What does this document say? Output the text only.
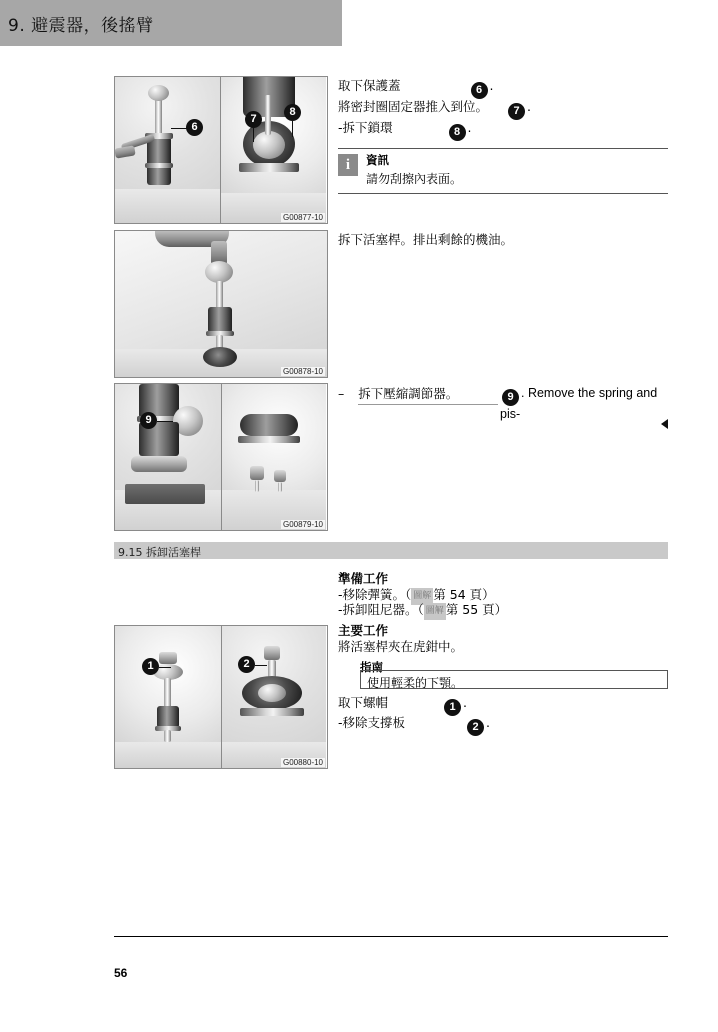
9. 避震器，後搖臂
G00877-10
6
7
8
取下保護蓋	6 .
將密封圈固定器推入到位。 7 .
-拆下鎖環	8 .
i	資訊
請勿刮擦內表面。
G00878-10
拆下活塞桿。排出剩餘的機油。
G00879-10
9
– 拆下壓縮調節器。	9 . Remove the spring and pis-
9.15 拆卸活塞桿
準備工作
-移除彈簧。（ 圖解 第 54 頁）
-拆卸阻尼器。（ 圖解 第 55 頁）
主要工作
將活塞桿夾在虎鉗中。
指南
使用輕柔的下顎。
取下螺帽	1 .
-移除支撐板	2 .
G00880-10
1	2
56
